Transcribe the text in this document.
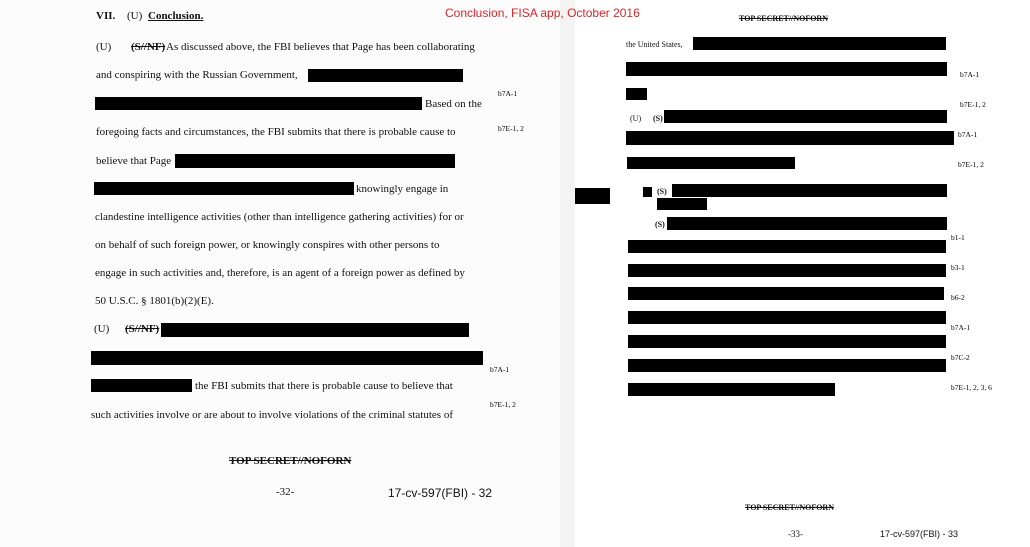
VII. (U) Conclusion.
(U) (S//NF) As discussed above, the FBI believes that Page has been collaborating
and conspiring with the Russian Government,

b7A-1

b7E-1, 2

Based on the
foregoing facts and circumstances, the FBI submits that there is probable cause to
believe that Page
knowingly engage in
clandestine intelligence activities (other than intelligence gathering activities) for or
on behalf of such foreign power, or knowingly conspires with other persons to
engage in such activities and, therefore, is an agent of a foreign power as defined by
50 U.S.C. § 1801(b)(2)(E).
(U) (S//NF)

b7A-1

b7E-1, 2

the FBI submits that there is probable cause to believe that
such activities involve or are about to involve violations of the criminal statutes of
TOP SECRET//NOFORN
-32-	17-cv-597(FBI) - 32
TOP SECRET//NOFORN
the United States,

b7A-1

b7E-1, 2

(U) (S)

b7A-1

b7E-1, 2

(S)
(S)

b1-1

b3-1

b6-2

b7A-1

b7C-2

b7E-1, 2, 3, 6

TOP SECRET//NOFORN
-33-	17-cv-597(FBI) - 33
Conclusion, FISA app, October 2016
